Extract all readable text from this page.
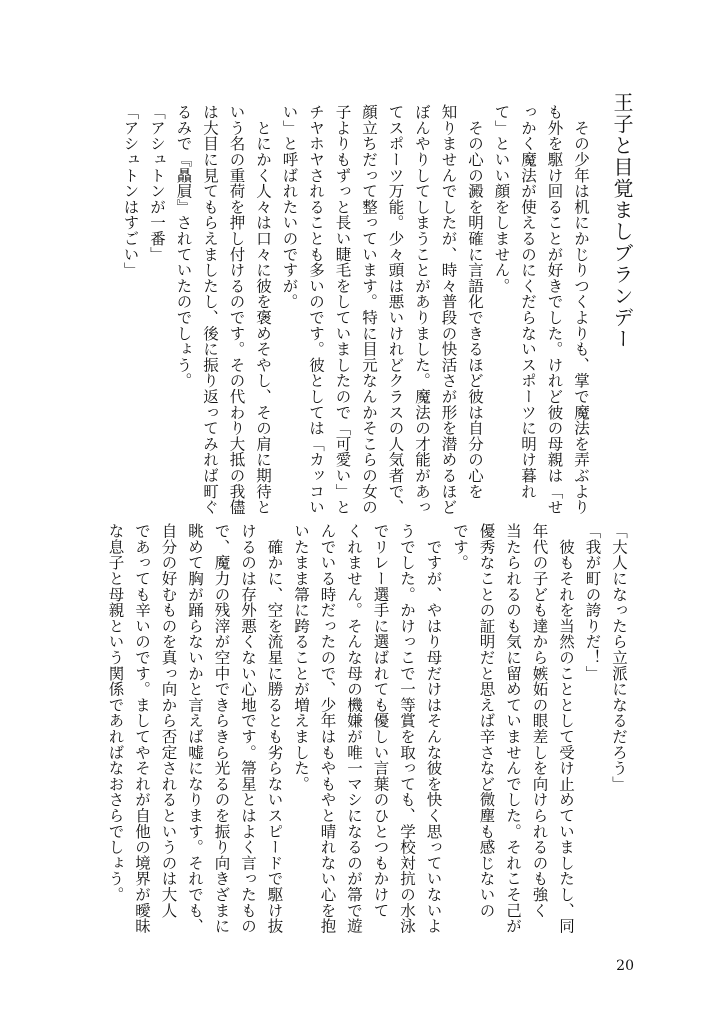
王子と目覚ましブランデー
　その少年は机にかじりつくよりも、掌で魔法を弄ぶより
も外を駆け回ることが好きでした。けれど彼の母親は「せ
っかく魔法が使えるのにくだらないスポーツに明け暮れ
て」といい顔をしません。
　その心の澱を明確に言語化できるほど彼は自分の心を
知りませんでしたが、時々普段の快活さが形を潜めるほど
ぼんやりしてしまうことがありました。魔法の才能があっ
てスポーツ万能。少々頭は悪いけれどクラスの人気者で、
顔立ちだって整っています。特に目元なんかそこらの女の
子よりもずっと長い睫毛をしていましたので「可愛い」と
チヤホヤされることも多いのです。彼としては「カッコい
い」と呼ばれたいのですが。
　とにかく人々は口々に彼を褒めそやし、その肩に期待と
いう名の重荷を押し付けるのです。その代わり大抵の我儘
は大目に見てもらえましたし、後に振り返ってみれば町ぐ
るみで『贔屓』されていたのでしょう。
「アシュトンが一番」
「アシュトンはすごい」
「大人になったら立派になるだろう」
「我が町の誇りだ！」
　彼もそれを当然のこととして受け止めていましたし、同
年代の子ども達から嫉妬の眼差しを向けられるのも強く
当たられるのも気に留めていませんでした。それこそ己が
優秀なことの証明だと思えば辛さなど微塵も感じないの
です。
　ですが、やはり母だけはそんな彼を快く思っていないよ
うでした。かけっこで一等賞を取っても、学校対抗の水泳
でリレー選手に選ばれても優しい言葉のひとつもかけて
くれません。そんな母の機嫌が唯一マシになるのが箒で遊
んでいる時だったので、少年はもやもやと晴れない心を抱
いたまま箒に跨ることが増えました。
　確かに、空を流星に勝るとも劣らないスピードで駆け抜
けるのは存外悪くない心地です。箒星とはよく言ったもの
で、魔力の残滓が空中できらきら光るのを振り向きざまに
眺めて胸が踊らないかと言えば嘘になります。それでも、
自分の好むものを真っ向から否定されるというのは大人
であっても辛いのです。ましてやそれが自他の境界が曖昧
な息子と母親という関係であればなおさらでしょう。
20
